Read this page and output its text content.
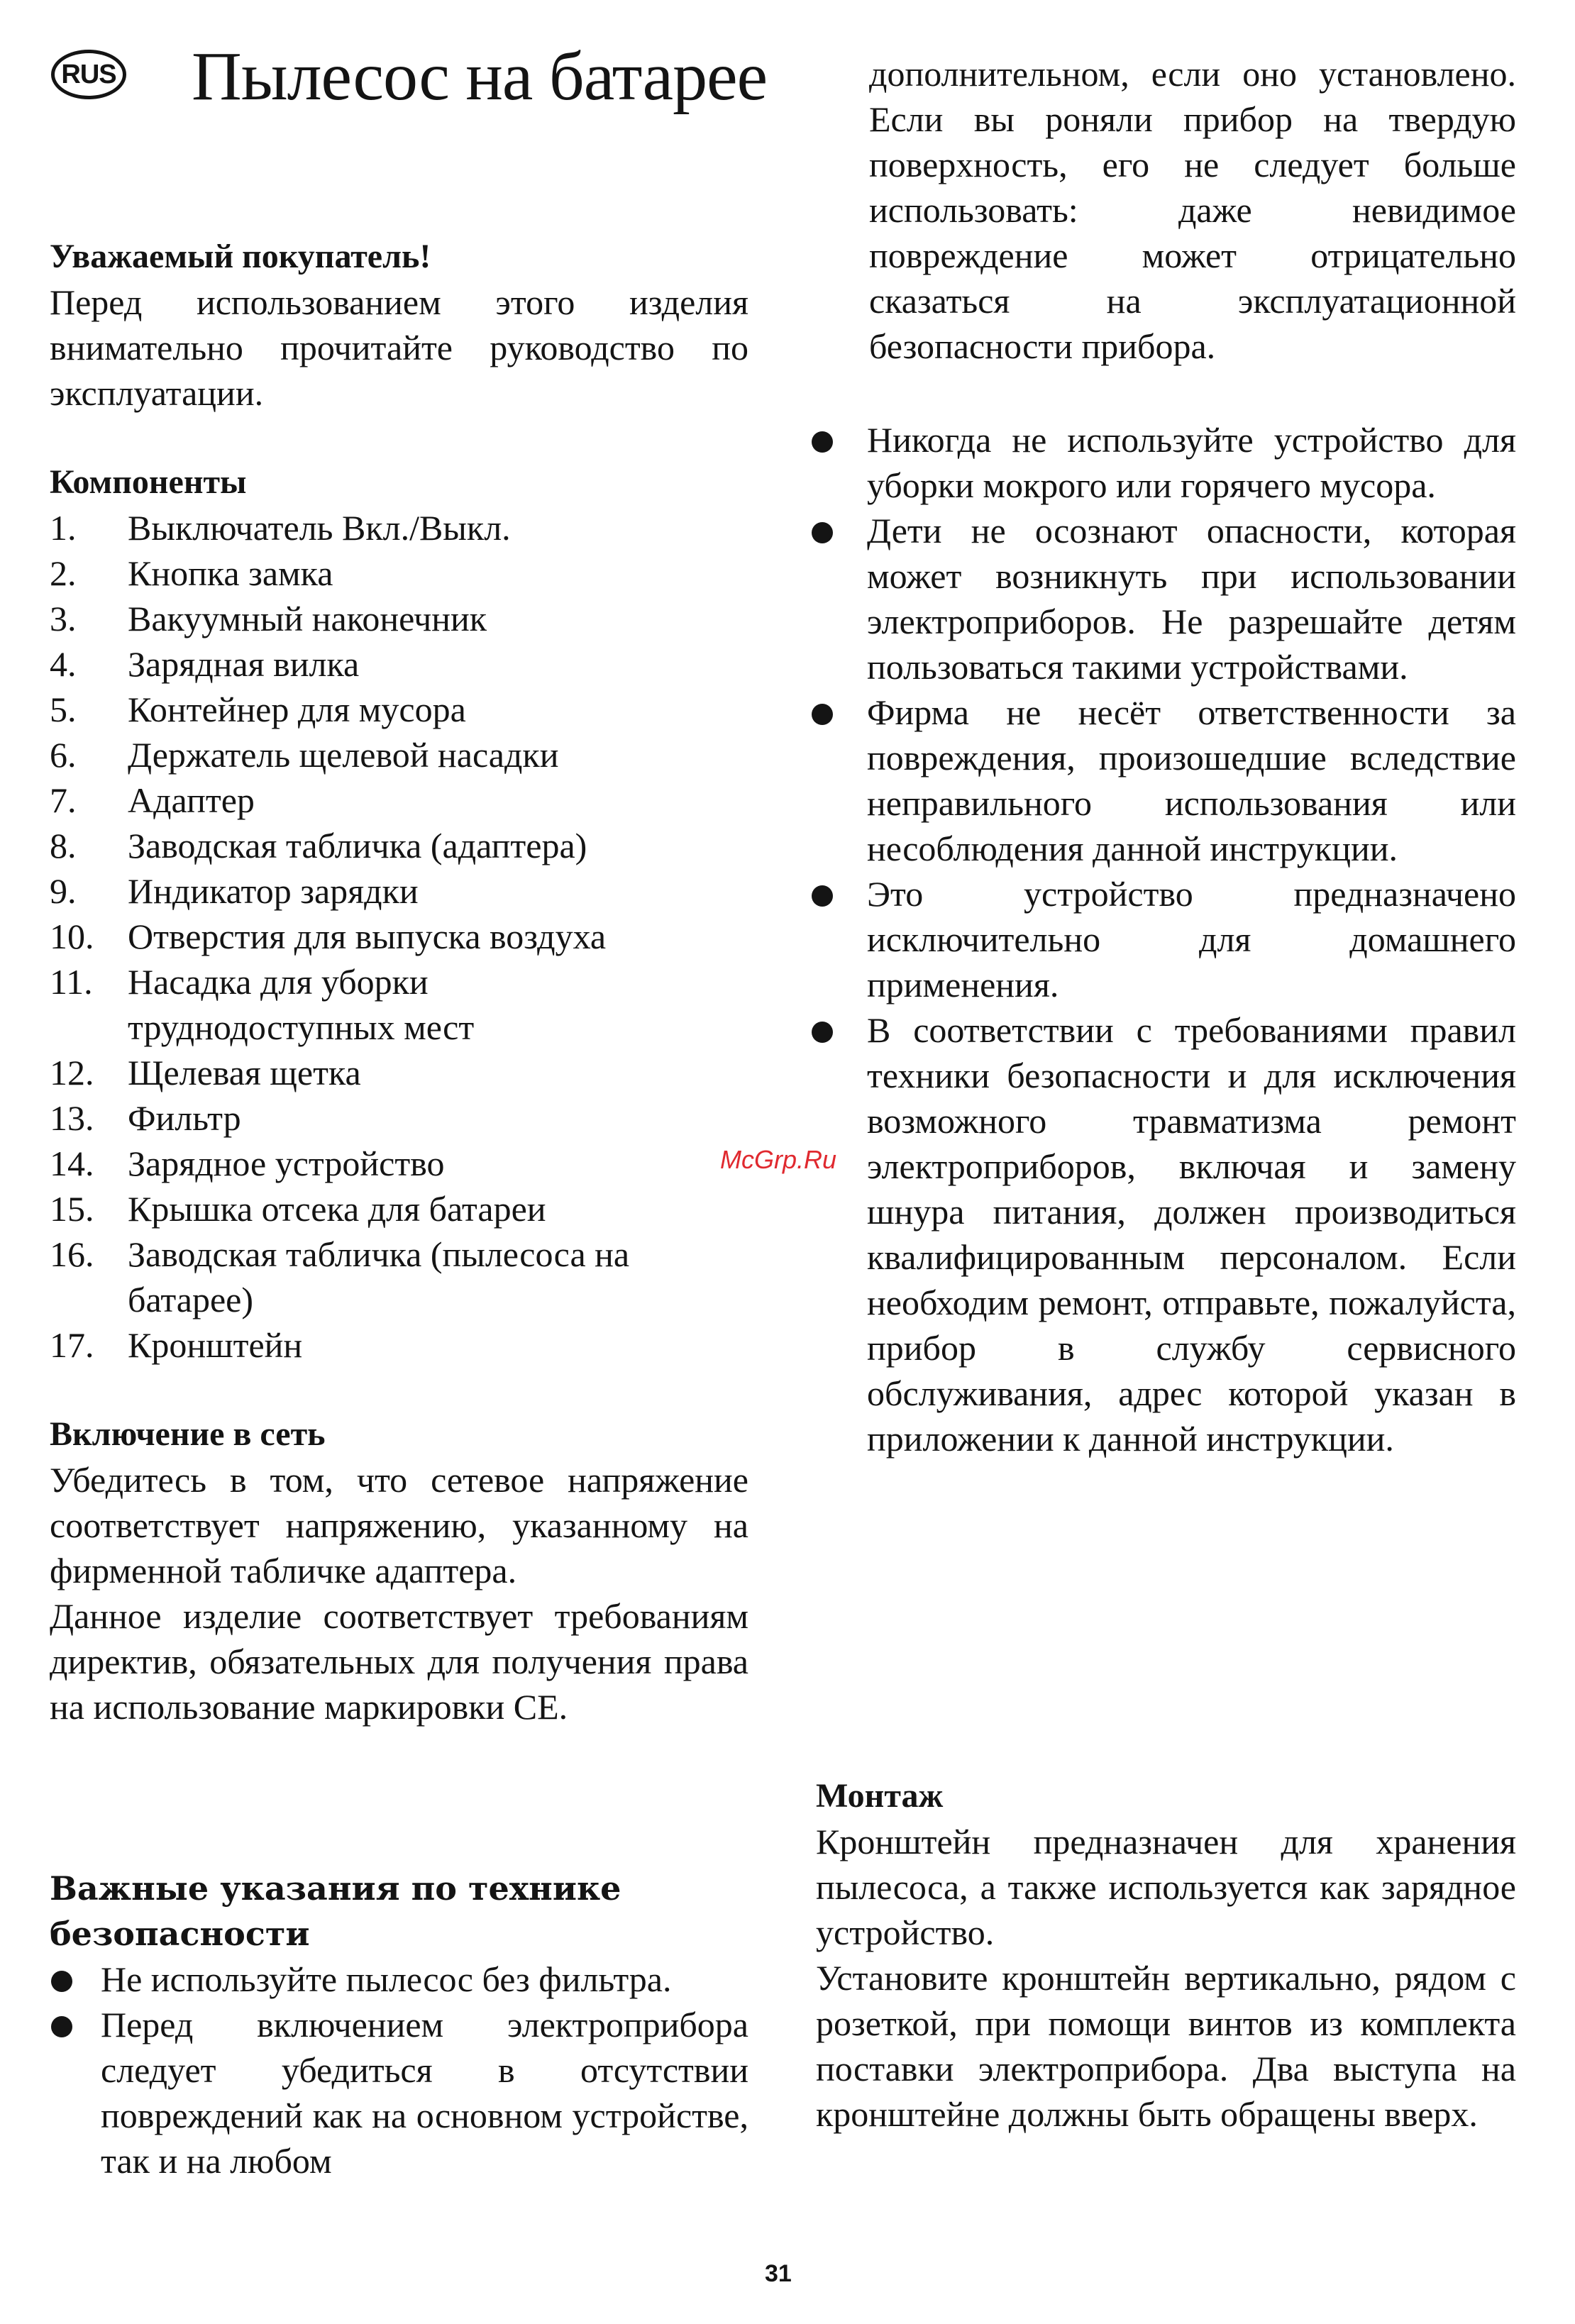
RUS Пылесос на батарее
Уважаемый покупатель!

Перед использованием этого изделия внимательно прочитайте руководство по эксплуатации.

Компоненты
1. Выключатель Вкл./Выкл.
2. Кнопка замка
3. Вакуумный наконечник
4. Зарядная вилка
5. Контейнер для мусора
6. Держатель щелевой насадки
7. Адаптер
8. Заводская табличка (адаптера)
9. Индикатор зарядки
10. Отверстия для выпуска воздуха
11. Насадка для уборки труднодоступных мест
12. Щелевая щетка
13. Фильтр
14. Зарядное устройство
15. Крышка отсека для батареи
16. Заводская табличка (пылесоса на батарее)
17. Кронштейн
Включение в сеть

Убедитесь в том, что сетевое напряжение соответствует напряжению, указанному на фирменной табличке адаптера.

Данное изделие соответствует требованиям директив, обязательных для получения права на использование маркировки СЕ.

Важные указания по технике безопасности
Не используйте пылесос без фильтра.
Перед включением электроприбора следует убедиться в отсутствии повреждений как на основном устройстве, так и на любом

дополнительном, если оно установлено. Если вы роняли прибор на твердую поверхность, его не следует больше использовать: даже невидимое повреждение может отрицательно сказаться на эксплуатационной безопасности прибора.

Никогда не используйте устройство для уборки мокрого или горячего мусора.
Дети не осознают опасности, которая может возникнуть при использовании электроприборов. Не разрешайте детям пользоваться такими устройствами.
Фирма не несёт ответственности за повреждения, произошедшие вследствие неправильного использования или несоблюдения данной инструкции.
Это устройство предназначено исключительно для домашнего применения.
В соответствии с требованиями правил техники безопасности и для исключения возможного травматизма ремонт электроприборов, включая и замену шнура питания, должен производиться квалифицированным персоналом. Если необходим ремонт, отправьте, пожалуйста, прибор в службу сервисного обслуживания, адрес которой указан в приложении к данной инструкции.
Монтаж

Кронштейн предназначен для хранения пылесоса, а также используется как зарядное устройство.

Установите кронштейн вертикально, рядом с розеткой, при помощи винтов из комплекта поставки электроприбора. Два выступа на кронштейне должны быть обращены вверх.

McGrp.Ru
31
